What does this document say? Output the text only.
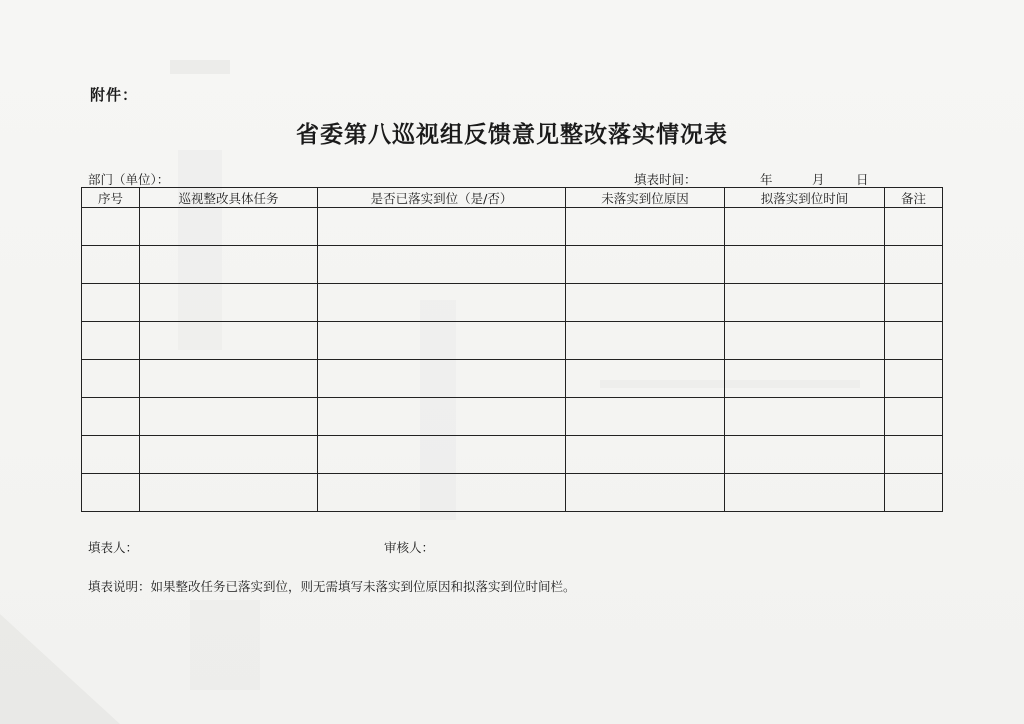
附件：
省委第八巡视组反馈意见整改落实情况表
部门（单位）：	填表时间：	年	月	日
序号	巡视整改具体任务	是否已落实到位（是/否）	未落实到位原因	拟落实到位时间	备注

填表人：	审核人：
填表说明：如果整改任务已落实到位，则无需填写未落实到位原因和拟落实到位时间栏。
